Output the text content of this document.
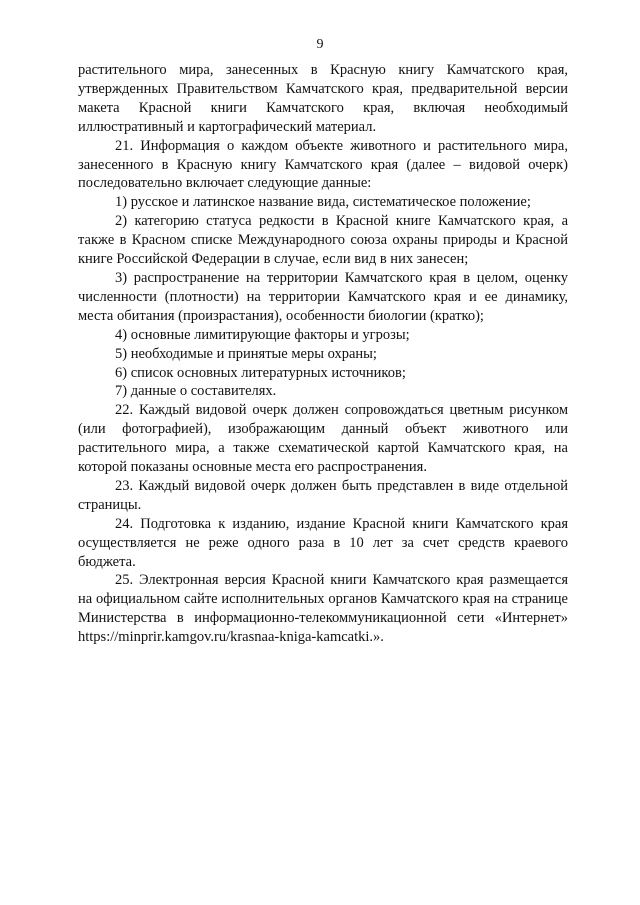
9

растительного мира, занесенных в Красную книгу Камчатского края, утвержденных Правительством Камчатского края, предварительной версии макета Красной книги Камчатского края, включая необходимый иллюстративный и картографический материал.

21. Информация о каждом объекте животного и растительного мира, занесенного в Красную книгу Камчатского края (далее – видовой очерк) последовательно включает следующие данные:

1) русское и латинское название вида, систематическое положение;

2) категорию статуса редкости в Красной книге Камчатского края, а также в Красном списке Международного союза охраны природы и Красной книге Российской Федерации в случае, если вид в них занесен;

3) распространение на территории Камчатского края в целом, оценку численности (плотности) на территории Камчатского края и ее динамику, места обитания (произрастания), особенности биологии (кратко);

4) основные лимитирующие факторы и угрозы;

5) необходимые и принятые меры охраны;

6) список основных литературных источников;

7) данные о составителях.

22. Каждый видовой очерк должен сопровождаться цветным рисунком (или фотографией), изображающим данный объект животного или растительного мира, а также схематической картой Камчатского края, на которой показаны основные места его распространения.

23. Каждый видовой очерк должен быть представлен в виде отдельной страницы.

24. Подготовка к изданию, издание Красной книги Камчатского края осуществляется не реже одного раза в 10 лет за счет средств краевого бюджета.

25. Электронная версия Красной книги Камчатского края размещается на официальном сайте исполнительных органов Камчатского края на странице Министерства в информационно-телекоммуникационной сети «Интернет» https://minprir.kamgov.ru/krasnaa-kniga-kamcatki.».
